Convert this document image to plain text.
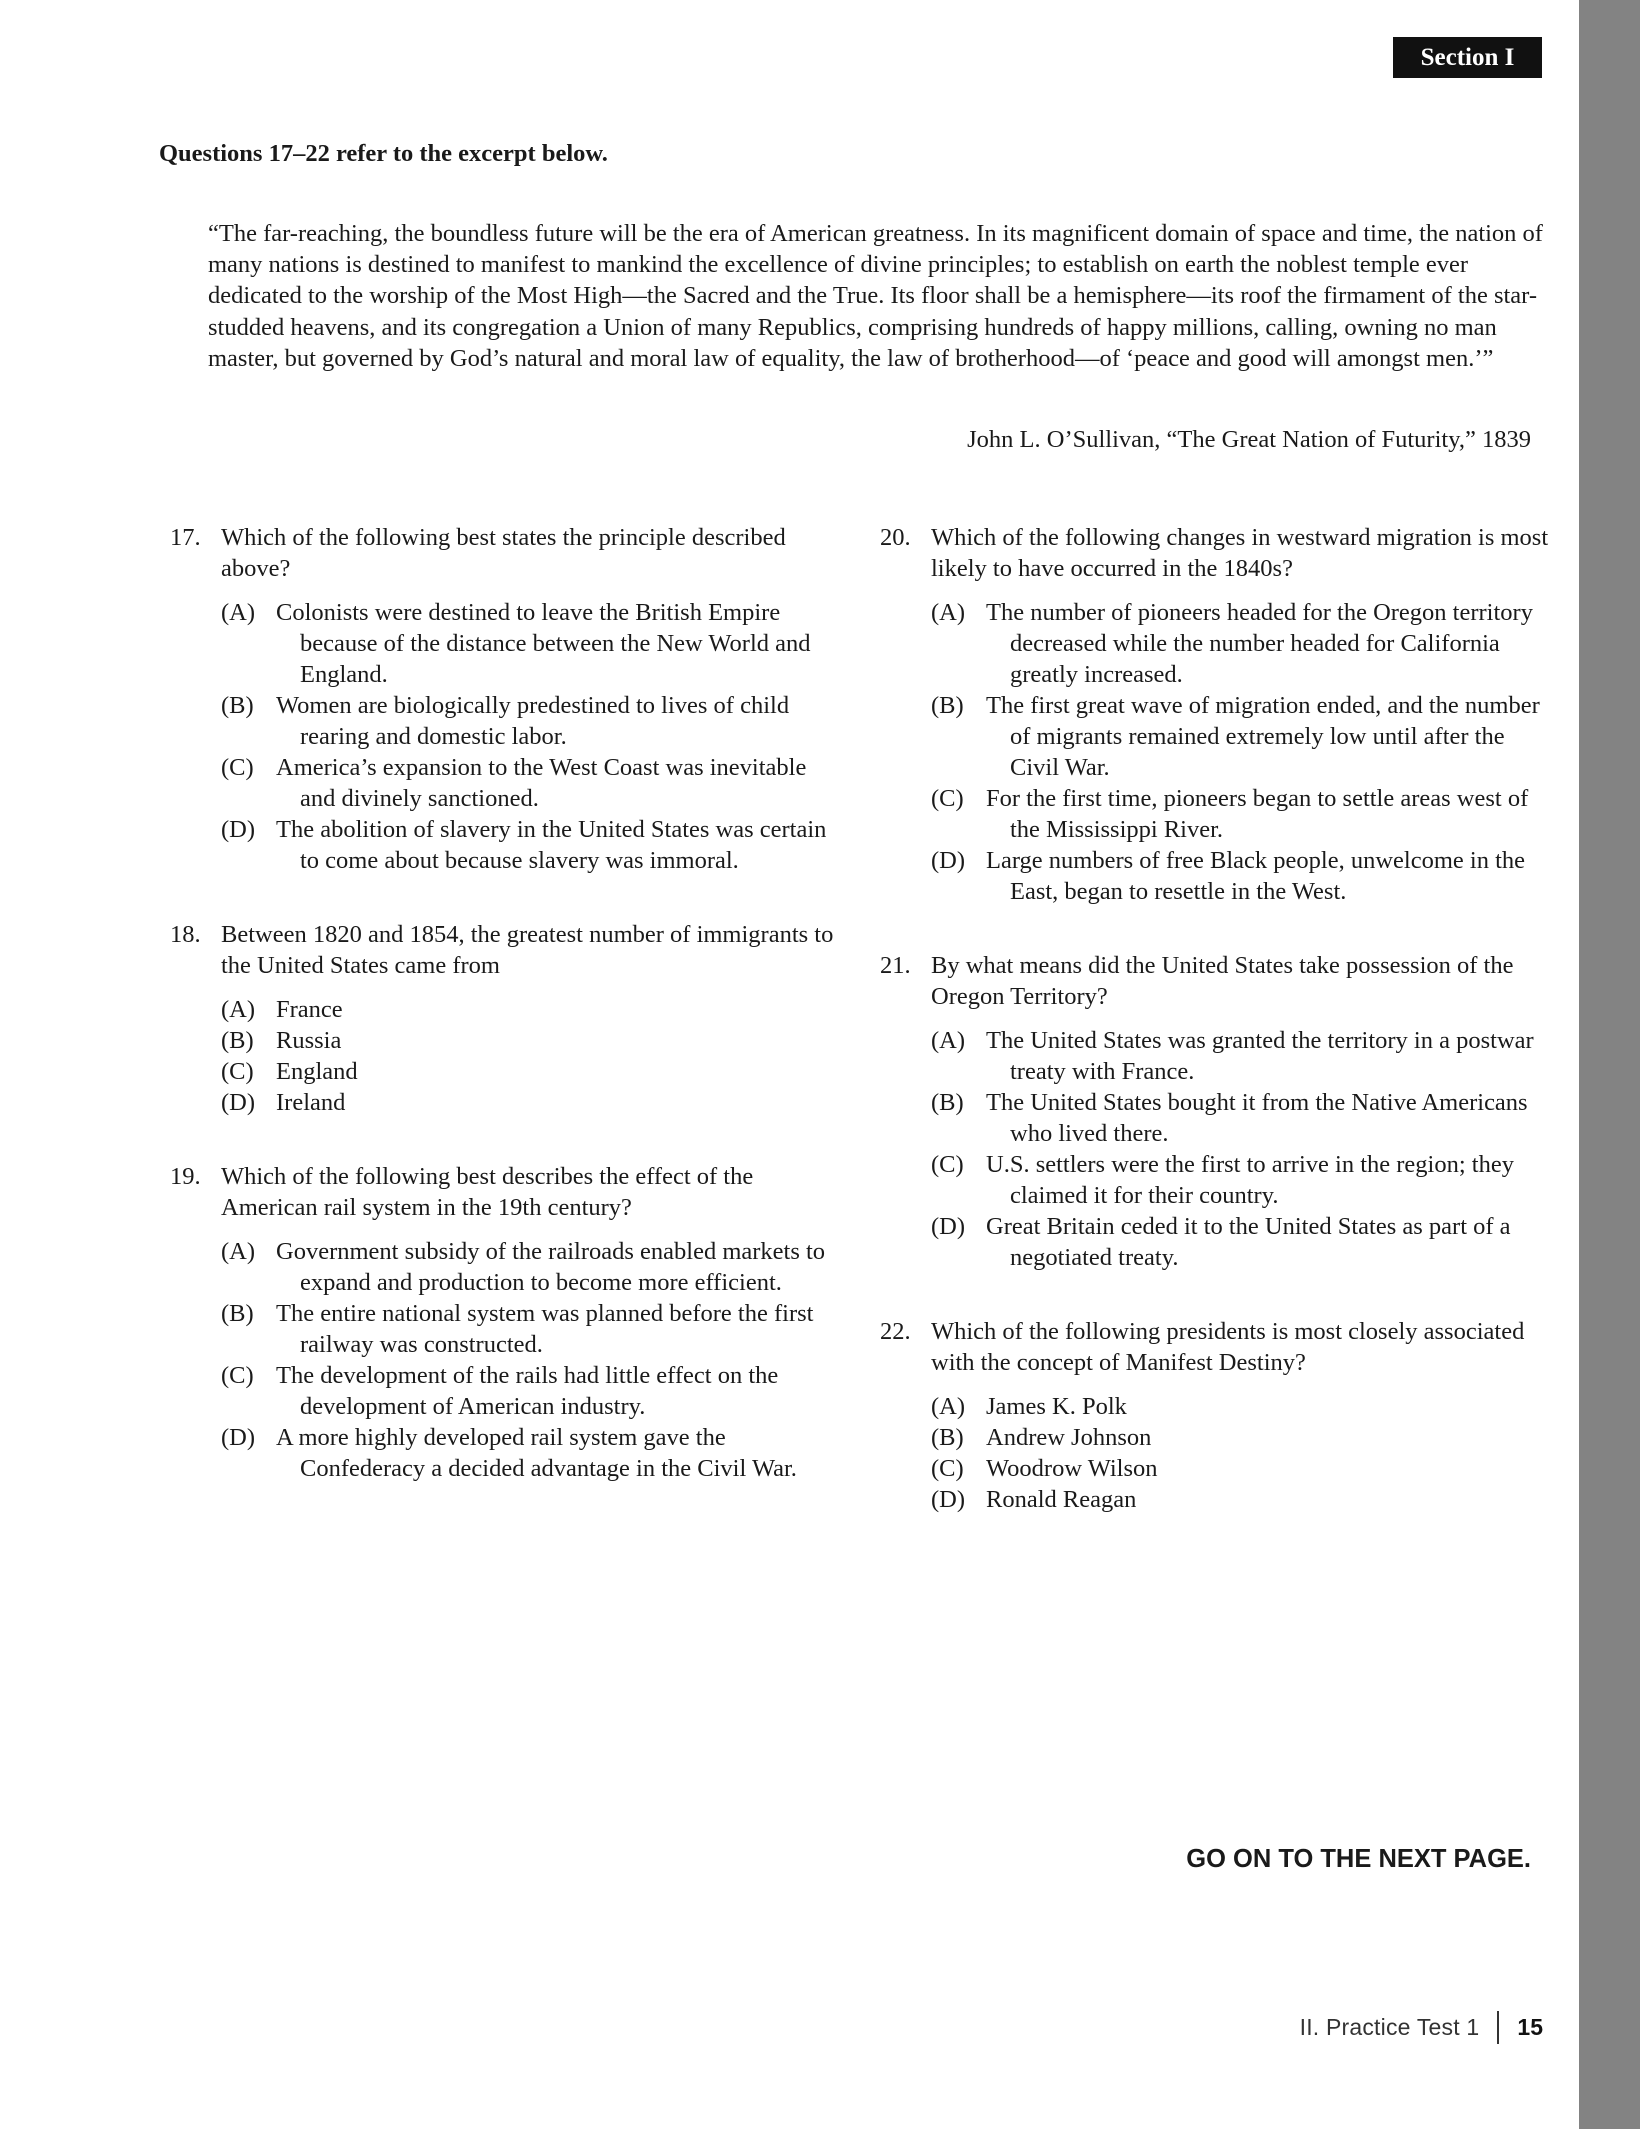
Section I

Questions 17–22 refer to the excerpt below.

“The far-reaching, the boundless future will be the era of American greatness. In its magnificent domain of space and time, the nation of many nations is destined to manifest to mankind the excellence of divine principles; to establish on earth the noblest temple ever dedicated to the worship of the Most High—the Sacred and the True. Its floor shall be a hemisphere—its roof the firmament of the star-studded heavens, and its congregation a Union of many Republics, comprising hundreds of happy millions, calling, owning no man master, but governed by God’s natural and moral law of equality, the law of brotherhood—of ‘peace and good will amongst men.’”

John L. O’Sullivan, “The Great Nation of Futurity,” 1839
17. Which of the following best states the principle described above?
(A) Colonists were destined to leave the British Empire because of the distance between the New World and England.
(B) Women are biologically predestined to lives of child rearing and domestic labor.
(C) America’s expansion to the West Coast was inevitable and divinely sanctioned.
(D) The abolition of slavery in the United States was certain to come about because slavery was immoral.
18. Between 1820 and 1854, the greatest number of immigrants to the United States came from
(A) France
(B) Russia
(C) England
(D) Ireland
19. Which of the following best describes the effect of the American rail system in the 19th century?
(A) Government subsidy of the railroads enabled markets to expand and production to become more efficient.
(B) The entire national system was planned before the first railway was constructed.
(C) The development of the rails had little effect on the development of American industry.
(D) A more highly developed rail system gave the Confederacy a decided advantage in the Civil War.
20. Which of the following changes in westward migration is most likely to have occurred in the 1840s?
(A) The number of pioneers headed for the Oregon territory decreased while the number headed for California greatly increased.
(B) The first great wave of migration ended, and the number of migrants remained extremely low until after the Civil War.
(C) For the first time, pioneers began to settle areas west of the Mississippi River.
(D) Large numbers of free Black people, unwelcome in the East, began to resettle in the West.
21. By what means did the United States take possession of the Oregon Territory?
(A) The United States was granted the territory in a postwar treaty with France.
(B) The United States bought it from the Native Americans who lived there.
(C) U.S. settlers were the first to arrive in the region; they claimed it for their country.
(D) Great Britain ceded it to the United States as part of a negotiated treaty.
22. Which of the following presidents is most closely associated with the concept of Manifest Destiny?
(A) James K. Polk
(B) Andrew Johnson
(C) Woodrow Wilson
(D) Ronald Reagan
GO ON TO THE NEXT PAGE.
II. Practice Test 1 15
